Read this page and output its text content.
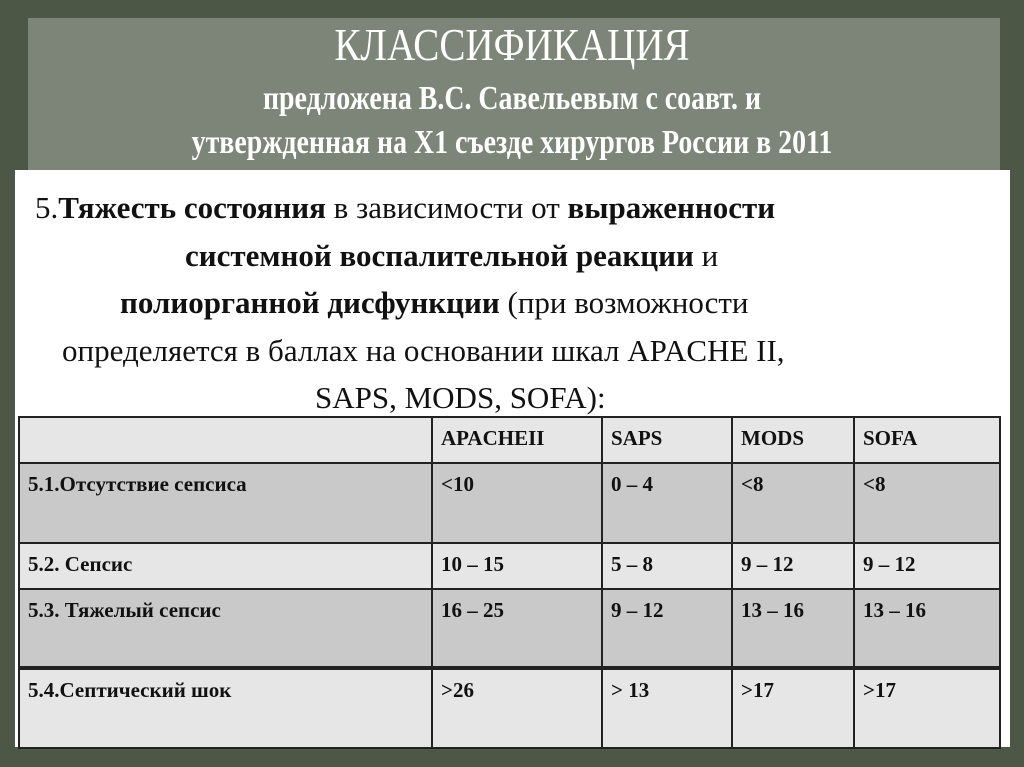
КЛАССИФИКАЦИЯ
предложена В.С. Савельевым с соавт. и
утвержденная на Х1 съезде хирургов России в 2011
5.Тяжесть состояния в зависимости от выраженности
системной воспалительной реакции и
полиорганной дисфункции (при возможности
определяется в баллах на основании шкал APACHE II,
SAPS, MODS, SOFA):
	APACHEII	SAPS	MODS	SOFA
5.1.Отсутствие сепсиса	<10	0 – 4	<8	<8
5.2. Сепсис	10 – 15	5 – 8	9 – 12	9 – 12
5.3. Тяжелый сепсис	16 – 25	9 – 12	13 – 16	13 – 16
5.4.Септический шок	>26	> 13	>17	>17
